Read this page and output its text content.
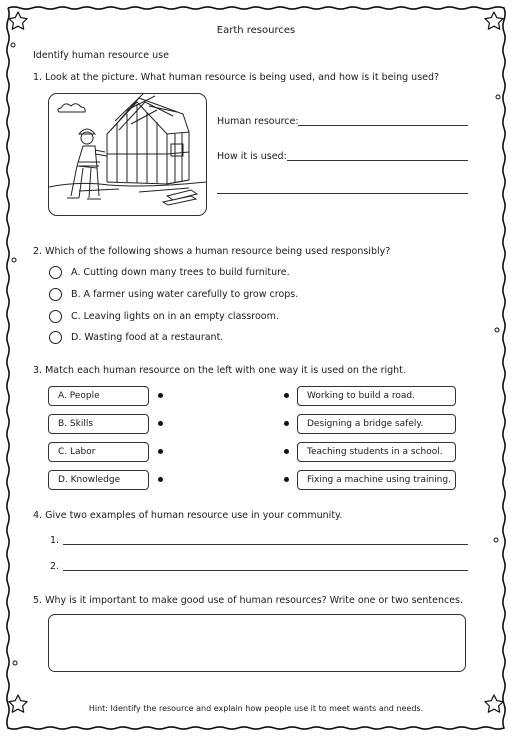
Earth resources
Identify human resource use
1. Look at the picture. What human resource is being used, and how is it being used?
Human resource:
How it is used:
2. Which of the following shows a human resource being used responsibly?
A. Cutting down many trees to build furniture.
B. A farmer using water carefully to grow crops.
C. Leaving lights on in an empty classroom.
D. Wasting food at a restaurant.
3. Match each human resource on the left with one way it is used on the right.
A. People
B. Skills
C. Labor
D. Knowledge
Working to build a road.
Designing a bridge safely.
Teaching students in a school.
Fixing a machine using training.
4. Give two examples of human resource use in your community.
1.
2.
5. Why is it important to make good use of human resources? Write one or two sentences.
Hint: Identify the resource and explain how people use it to meet wants and needs.
